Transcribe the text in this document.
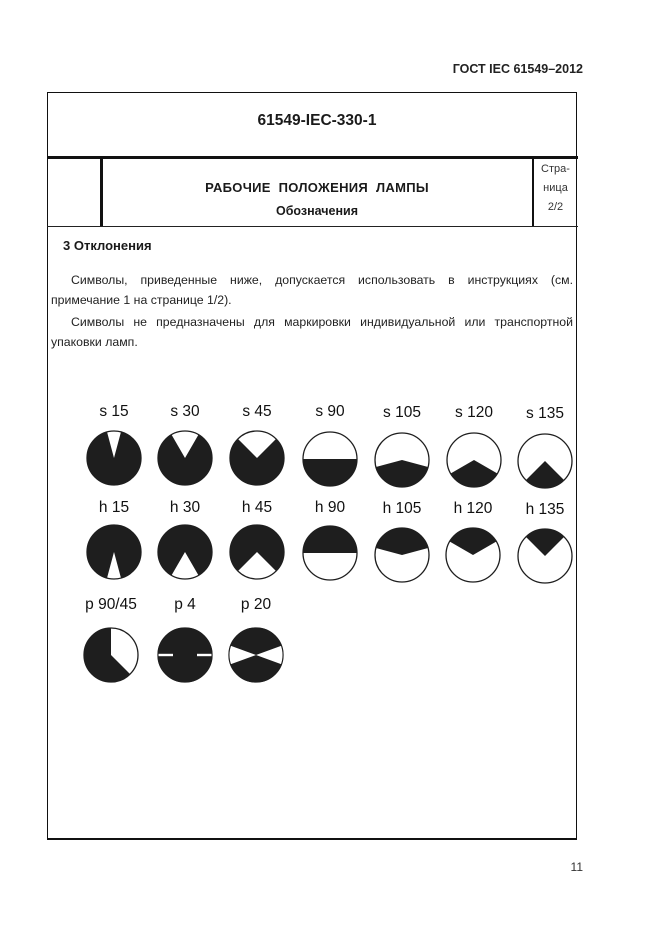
ГОСТ IEC 61549–2012
61549-IEC-330-1
РАБОЧИЕ ПОЛОЖЕНИЯ ЛАМПЫ
Обозначения
Стра-
ница
2/2
3 Отклонения
Символы, приведенные ниже, допускается использовать в инструкциях (см. примечание 1 на странице 1/2).
Символы не предназначены для маркировки индивидуальной или транспортной упаковки ламп.
s 15	s 30	s 45	s 90	s 105	s 120	s 135
h 15	h 30	h 45	h 90	h 105	h 120	h 135
p 90/45	p 4	p 20
11
